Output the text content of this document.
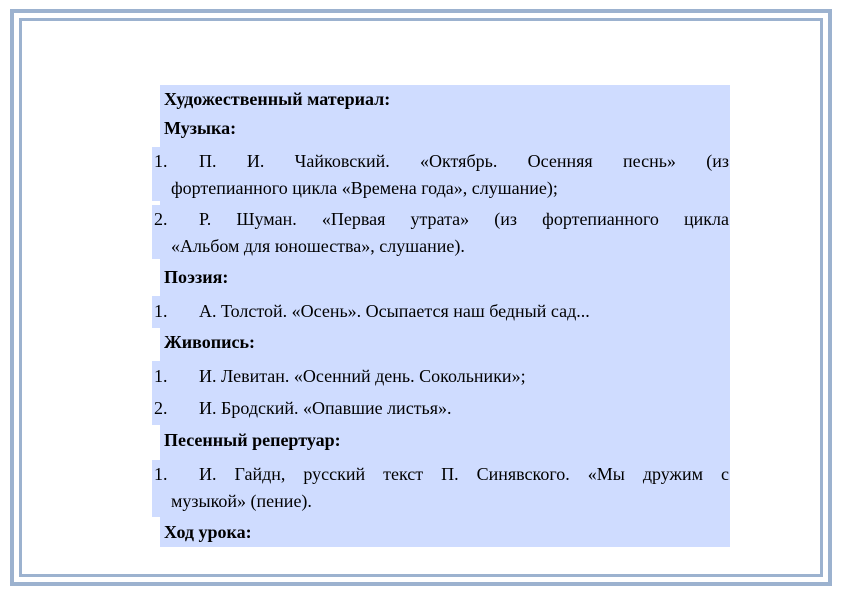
Художественный материал:
Музыка:
1. П. И. Чайковский. «Октябрь. Осенняя песнь» (из
фортепианного цикла «Времена года», слушание);
2. Р. Шуман. «Первая утрата» (из фортепианного цикла
«Альбом для юношества», слушание).
Поэзия:
1. А. Толстой. «Осень». Осыпается наш бедный сад...
Живопись:
1. И. Левитан. «Осенний день. Сокольники»;
2. И. Бродский. «Опавшие листья».
Песенный репертуар:
1. И. Гайдн, русский текст П. Синявского. «Мы дружим с
музыкой» (пение).
Ход урока:
